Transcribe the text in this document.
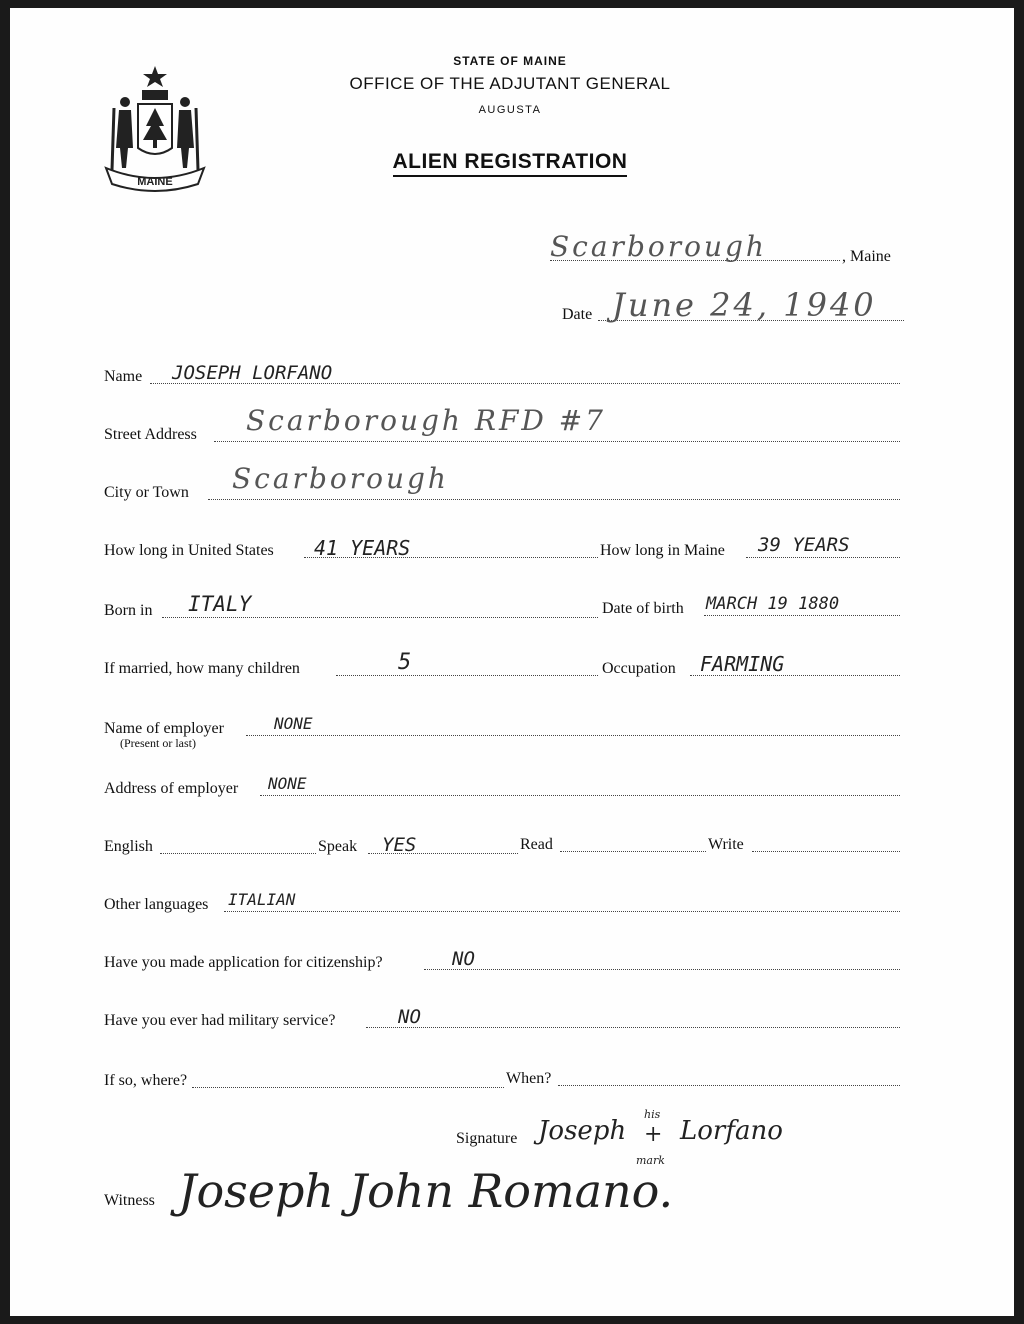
MAINE
STATE OF MAINE
OFFICE OF THE ADJUTANT GENERAL
AUGUSTA
ALIEN REGISTRATION
Scarborough	, Maine
Date June 24, 1940
Name JOSEPH LORFANO
Street Address Scarborough RFD #7
City or Town Scarborough
How long in United States 41 YEARS	How long in Maine 39 YEARS
Born in ITALY	Date of birth MARCH 19 1880
If married, how many children	5	Occupation FARMING
Name of employer
(Present or last)
NONE
Address of employer NONE
English	Speak YES	Read	Write
Other languages ITALIAN
Have you made application for citizenship?	NO
Have you ever had military service?	NO
If so, where?	When?
Signature Joseph
his
+
mark
Lorfano
Witness Joseph John Romano.
